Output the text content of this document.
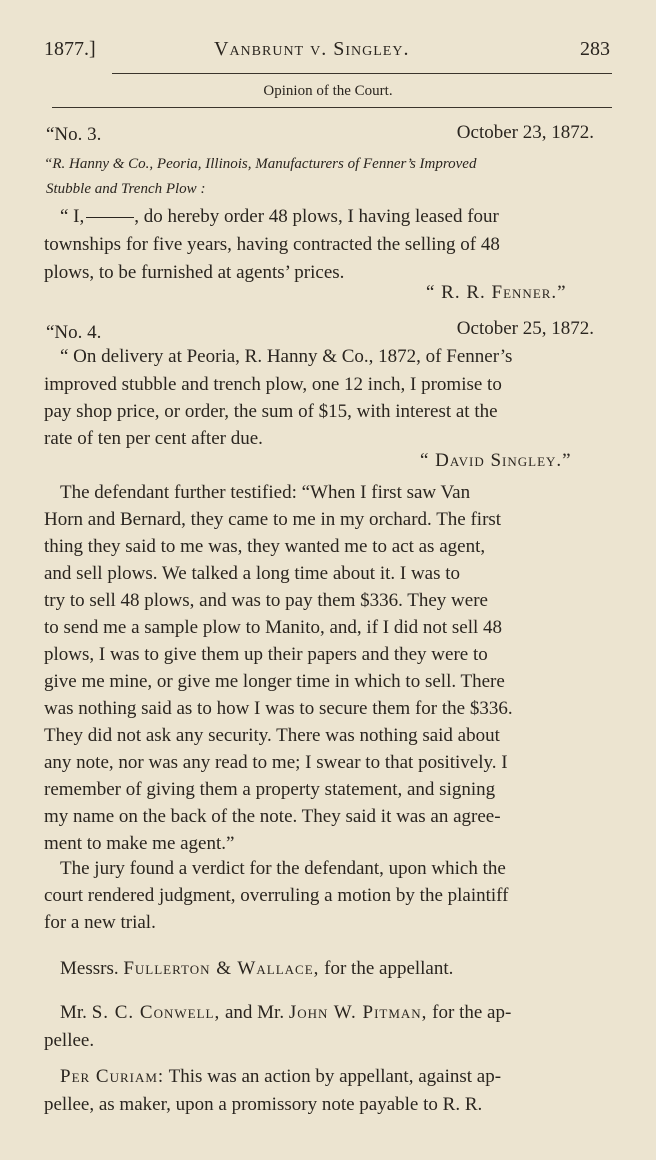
1877.]	Vanbrunt v. Singley.	283
Opinion of the Court.
“No. 3.	October 23, 1872.
“R. Hanny & Co., Peoria, Illinois, Manufacturers of Fenner’s Improved
Stubble and Trench Plow :
“ I,	, do hereby order 48 plows, I having leased four
townships for five years, having contracted the selling of 48
plows, to be furnished at agents’ prices.
“ R. R. Fenner.”
“No. 4.	October 25, 1872.
“ On delivery at Peoria, R. Hanny & Co., 1872, of Fenner’s
improved stubble and trench plow, one 12 inch, I promise to
pay shop price, or order, the sum of $15, with interest at the
rate of ten per cent after due.
“ David Singley.”
The defendant further testified: “When I first saw Van
Horn and Bernard, they came to me in my orchard. The first
thing they said to me was, they wanted me to act as agent,
and sell plows. We talked a long time about it. I was to
try to sell 48 plows, and was to pay them $336. They were
to send me a sample plow to Manito, and, if I did not sell 48
plows, I was to give them up their papers and they were to
give me mine, or give me longer time in which to sell. There
was nothing said as to how I was to secure them for the $336.
They did not ask any security. There was nothing said about
any note, nor was any read to me; I swear to that positively. I
remember of giving them a property statement, and signing
my name on the back of the note. They said it was an agree-
ment to make me agent.”
The jury found a verdict for the defendant, upon which the
court rendered judgment, overruling a motion by the plaintiff
for a new trial.
Messrs. Fullerton & Wallace, for the appellant.
Mr. S. C. Conwell, and Mr. John W. Pitman, for the ap-
pellee.
Per Curiam: This was an action by appellant, against ap-
pellee, as maker, upon a promissory note payable to R. R.
